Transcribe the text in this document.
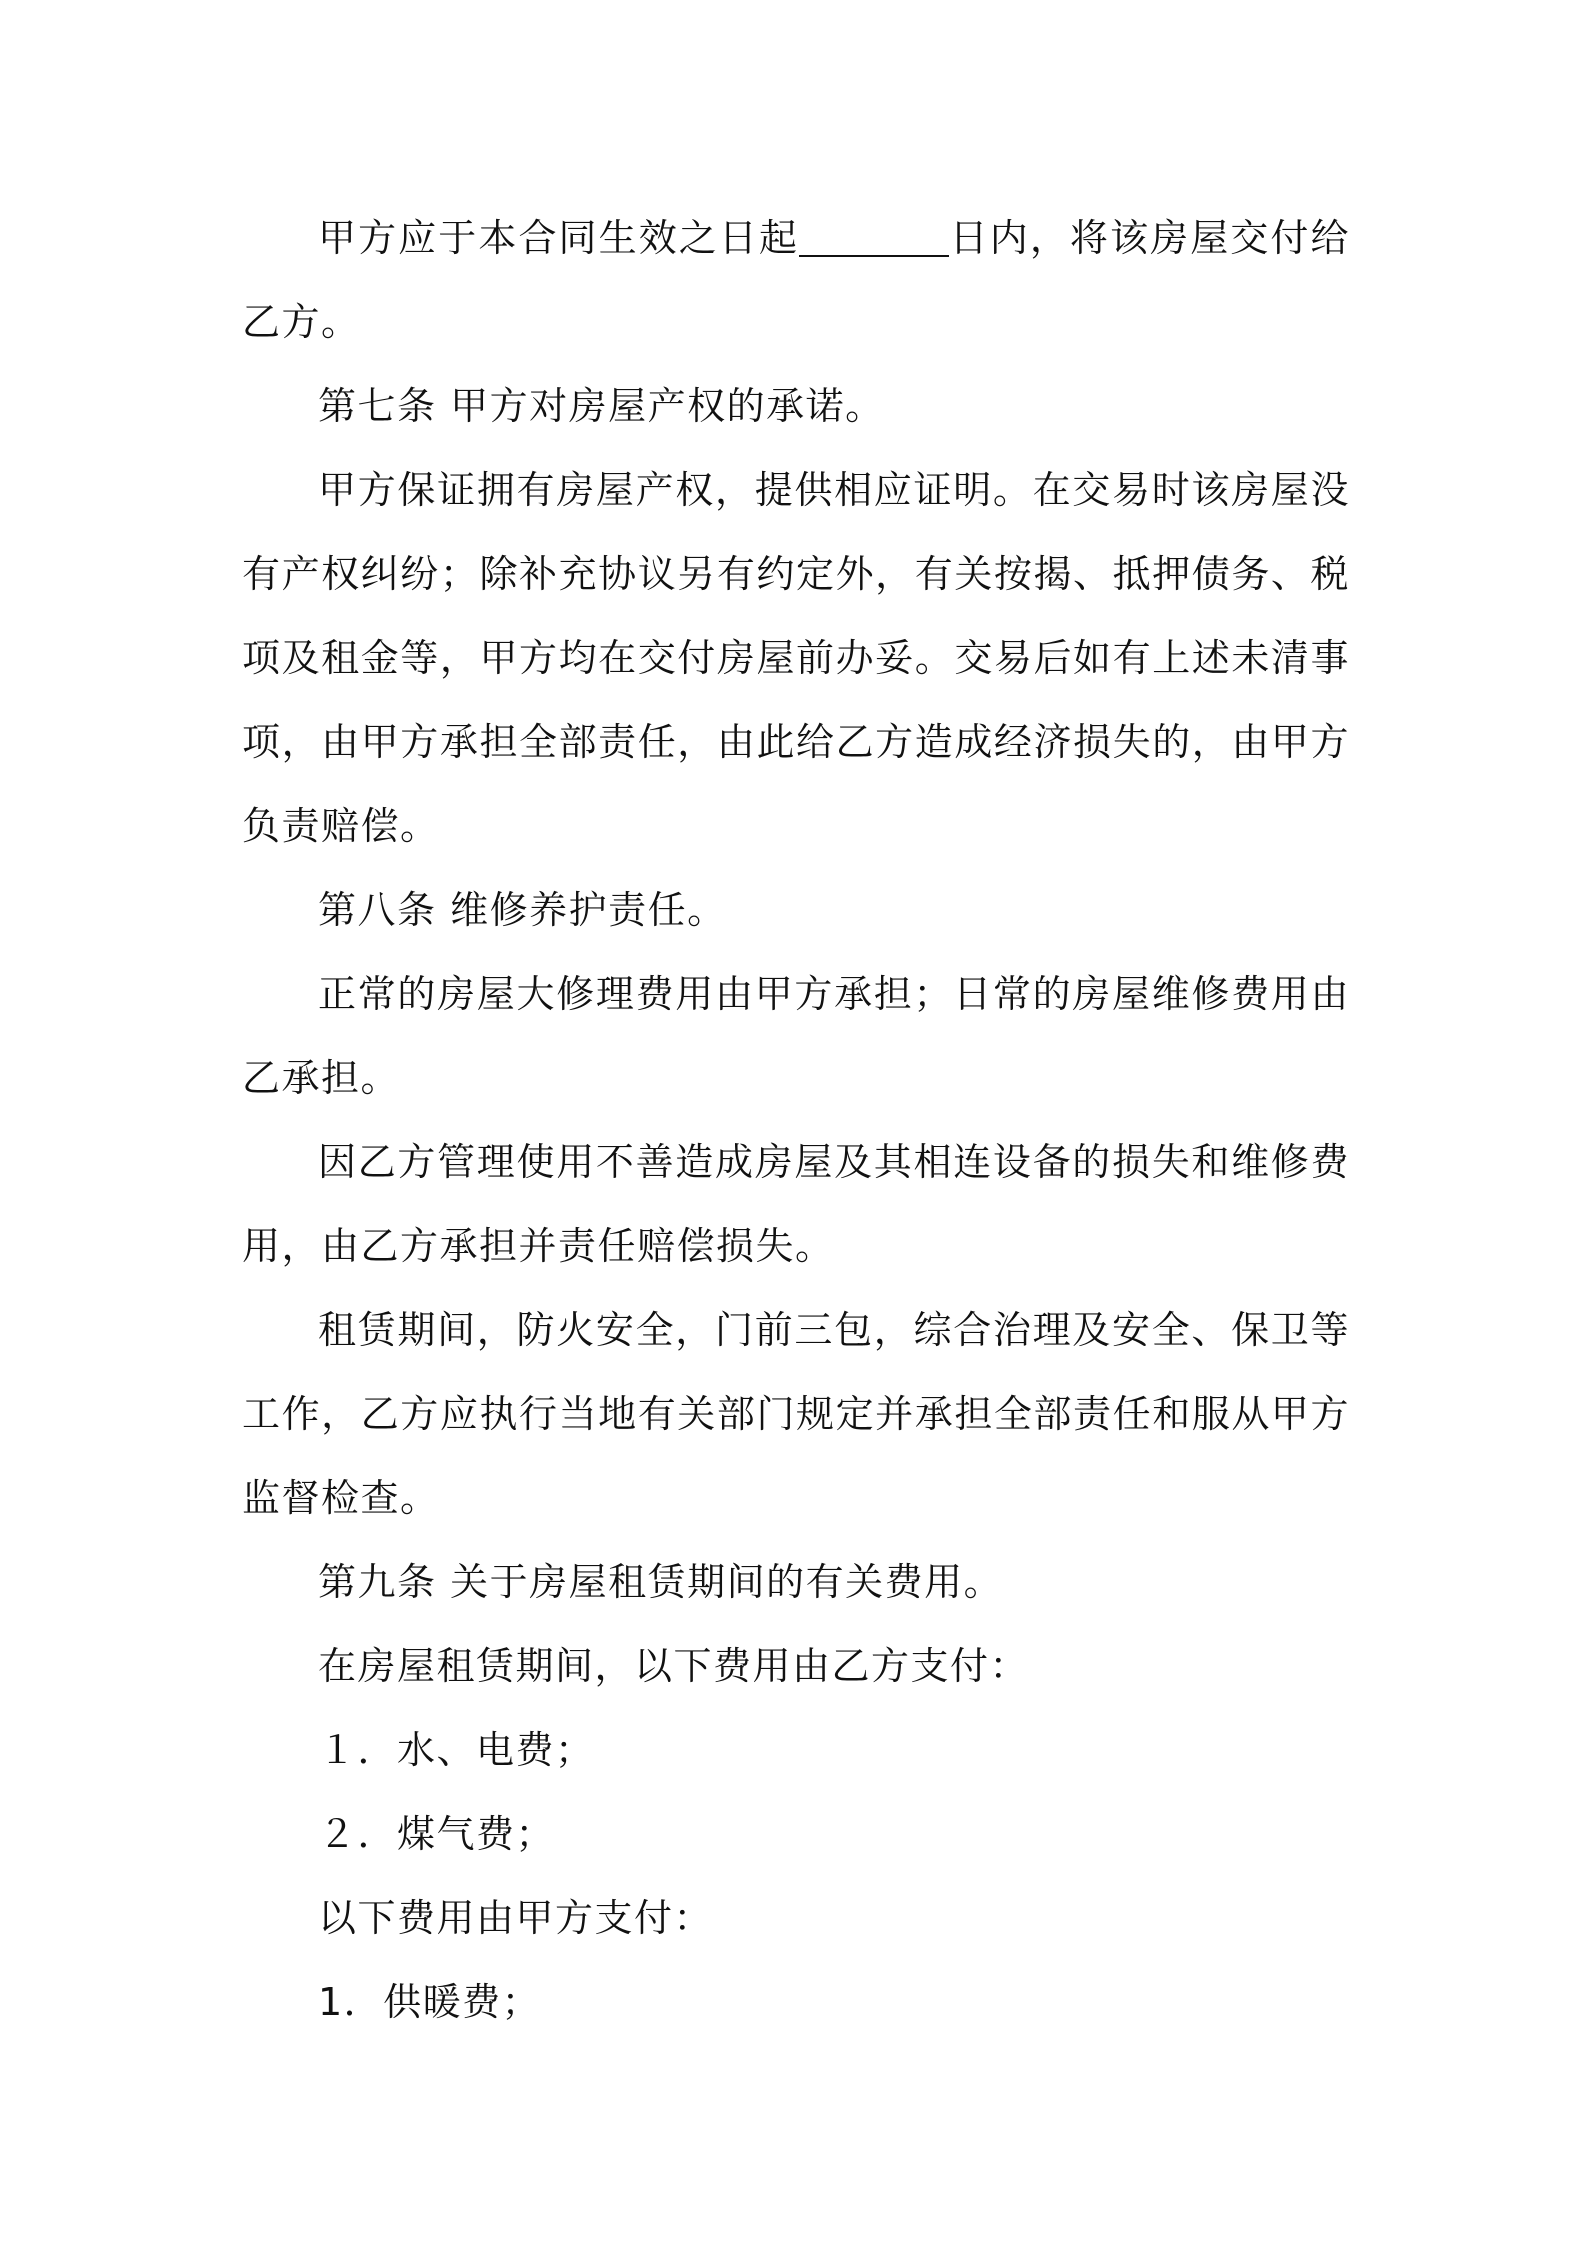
甲方应于本合同生效之日起	日内，将该房屋交付给乙方。

第七条 甲方对房屋产权的承诺。

甲方保证拥有房屋产权，提供相应证明。在交易时该房屋没有产权纠纷；除补充协议另有约定外，有关按揭、抵押债务、税项及租金等，甲方均在交付房屋前办妥。交易后如有上述未清事项，由甲方承担全部责任，由此给乙方造成经济损失的，由甲方负责赔偿。

第八条 维修养护责任。

正常的房屋大修理费用由甲方承担；日常的房屋维修费用由乙承担。

因乙方管理使用不善造成房屋及其相连设备的损失和维修费用，由乙方承担并责任赔偿损失。

租赁期间，防火安全，门前三包，综合治理及安全、保卫等工作，乙方应执行当地有关部门规定并承担全部责任和服从甲方监督检查。

第九条 关于房屋租赁期间的有关费用。

在房屋租赁期间，以下费用由乙方支付：

１．水、电费；

２．煤气费；

以下费用由甲方支付：

1．供暖费；
